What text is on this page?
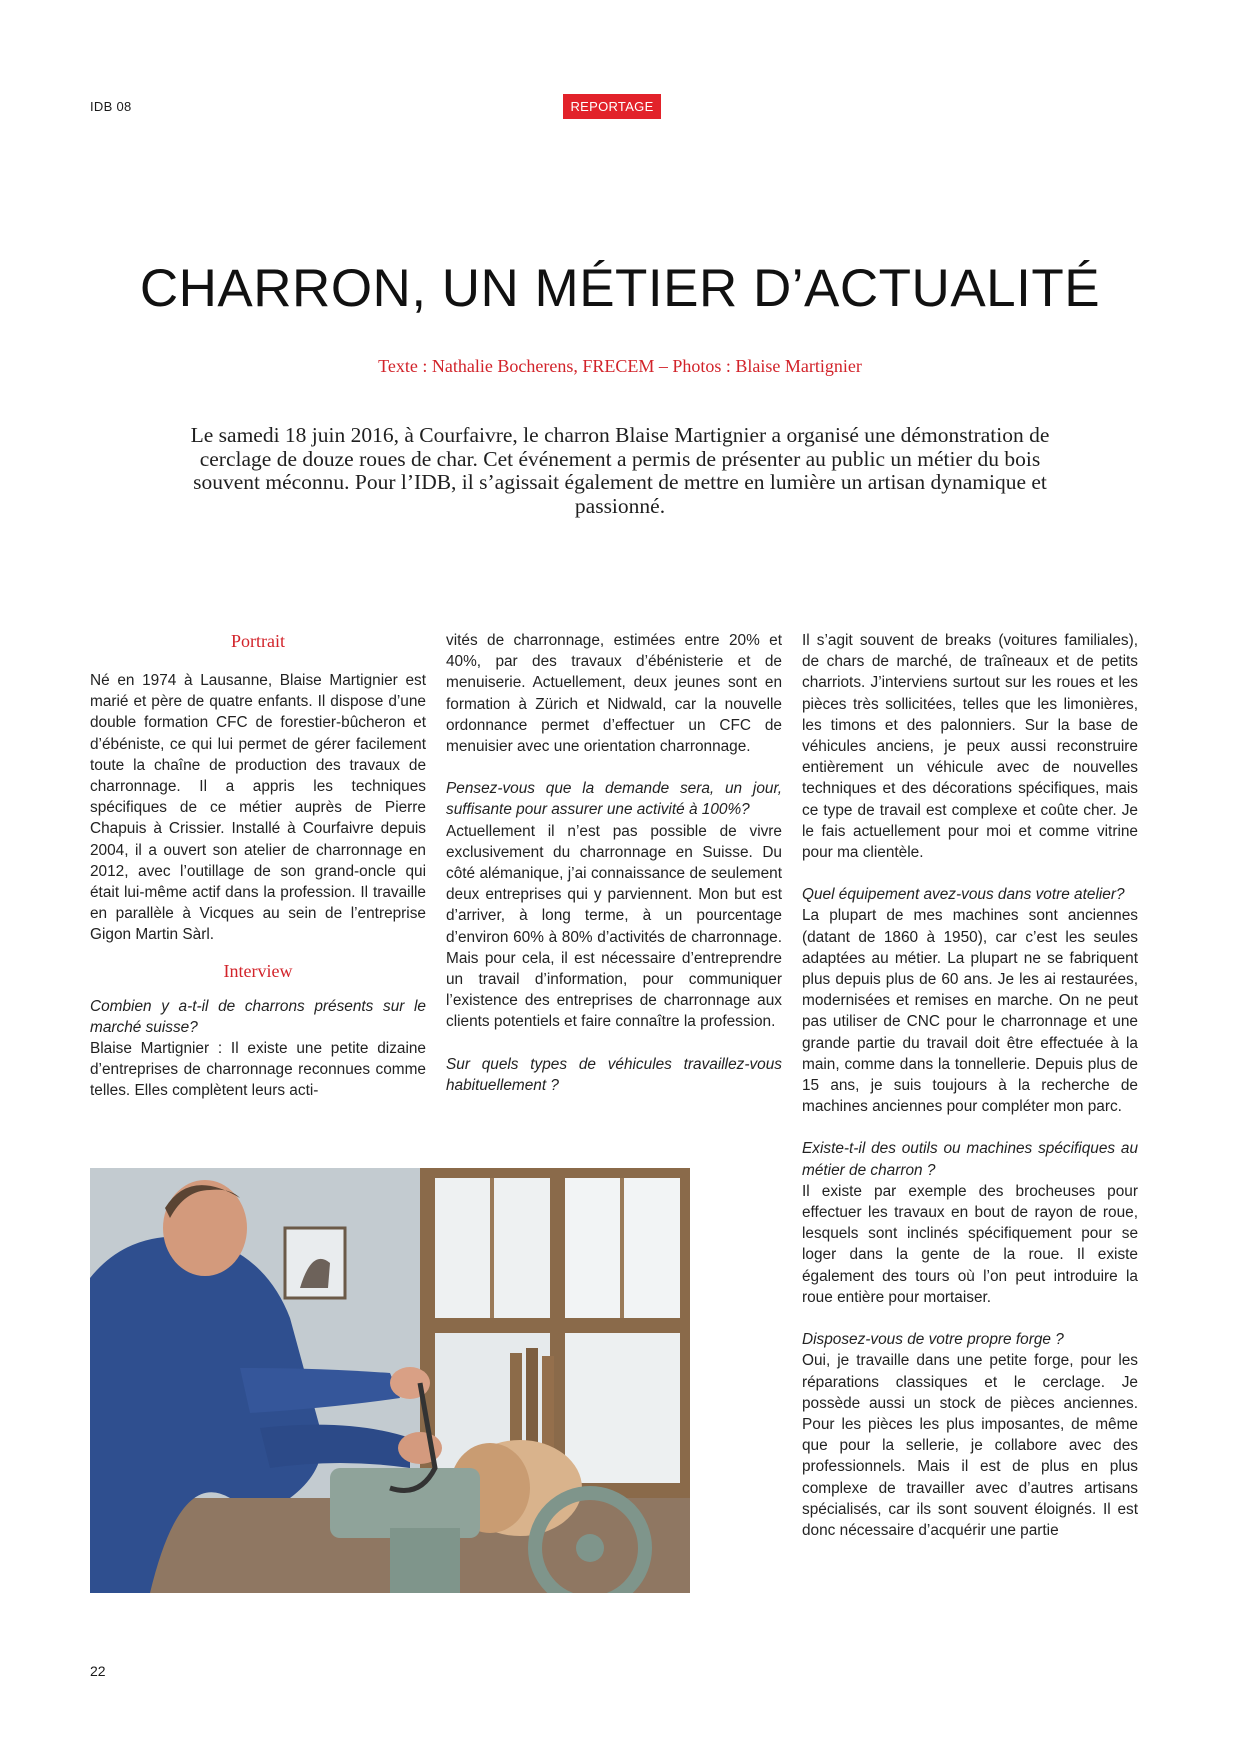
IDB 08	REPORTAGE
CHARRON, UN MÉTIER D’ACTUALITÉ
Texte : Nathalie Bocherens, FRECEM – Photos : Blaise Martignier

Le samedi 18 juin 2016, à Courfaivre, le charron Blaise Martignier a organisé une démonstration de cerclage de douze roues de char. Cet événement a permis de présenter au public un métier du bois souvent méconnu. Pour l’IDB, il s’agissait également de mettre en lumière un artisan dynamique et passionné.

Portrait

Né en 1974 à Lausanne, Blaise Martignier est marié et père de quatre enfants. Il dispose d’une double formation CFC de forestier-bûcheron et d’ébéniste, ce qui lui permet de gérer facilement toute la chaîne de production des travaux de charronnage. Il a appris les techniques spécifiques de ce métier auprès de Pierre Chapuis à Crissier. Installé à Courfaivre depuis 2004, il a ouvert son atelier de charronnage en 2012, avec l’outillage de son grand-oncle qui était lui-même actif dans la profession. Il travaille en parallèle à Vicques au sein de l’entreprise Gigon Martin Sàrl.

Interview

Combien y a-t-il de charrons présents sur le marché suisse?

Blaise Martignier : Il existe une petite dizaine d’entreprises de charronnage reconnues comme telles. Elles complètent leurs acti-

vités de charronnage, estimées entre 20% et 40%, par des travaux d’ébénisterie et de menuiserie. Actuellement, deux jeunes sont en formation à Zürich et Nidwald, car la nouvelle ordonnance permet d’effectuer un CFC de menuisier avec une orientation charronnage.

Pensez-vous que la demande sera, un jour, suffisante pour assurer une activité à 100%?

Actuellement il n’est pas possible de vivre exclusivement du charronnage en Suisse. Du côté alémanique, j’ai connaissance de seulement deux entreprises qui y parviennent. Mon but est d’arriver, à long terme, à un pourcentage d’environ 60% à 80% d’activités de charronnage. Mais pour cela, il est nécessaire d’entreprendre un travail d’information, pour communiquer l’existence des entreprises de charronnage aux clients potentiels et faire connaître la profession.

Sur quels types de véhicules travaillez-vous habituellement ?

Il s’agit souvent de breaks (voitures familiales), de chars de marché, de traîneaux et de petits charriots. J’interviens surtout sur les roues et les pièces très sollicitées, telles que les limonières, les timons et des palonniers. Sur la base de véhicules anciens, je peux aussi reconstruire entièrement un véhicule avec de nouvelles techniques et des décorations spécifiques, mais ce type de travail est complexe et coûte cher. Je le fais actuellement pour moi et comme vitrine pour ma clientèle.

Quel équipement avez-vous dans votre atelier?

La plupart de mes machines sont anciennes (datant de 1860 à 1950), car c’est les seules adaptées au métier. La plupart ne se fabriquent plus depuis plus de 60 ans. Je les ai restaurées, modernisées et remises en marche. On ne peut pas utiliser de CNC pour le charronnage et une grande partie du travail doit être effectuée à la main, comme dans la tonnellerie. Depuis plus de 15 ans, je suis toujours à la recherche de machines anciennes pour compléter mon parc.

Existe-t-il des outils ou machines spécifiques au métier de charron ?

Il existe par exemple des brocheuses pour effectuer les travaux en bout de rayon de roue, lesquels sont inclinés spécifiquement pour se loger dans la gente de la roue. Il existe également des tours où l’on peut introduire la roue entière pour mortaiser.

Disposez-vous de votre propre forge ?

Oui, je travaille dans une petite forge, pour les réparations classiques et le cerclage. Je possède aussi un stock de pièces anciennes. Pour les pièces les plus imposantes, de même que pour la sellerie, je collabore avec des professionnels. Mais il est de plus en plus complexe de travailler avec d’autres artisans spécialisés, car ils sont souvent éloignés. Il est donc nécessaire d’acquérir une partie

22
